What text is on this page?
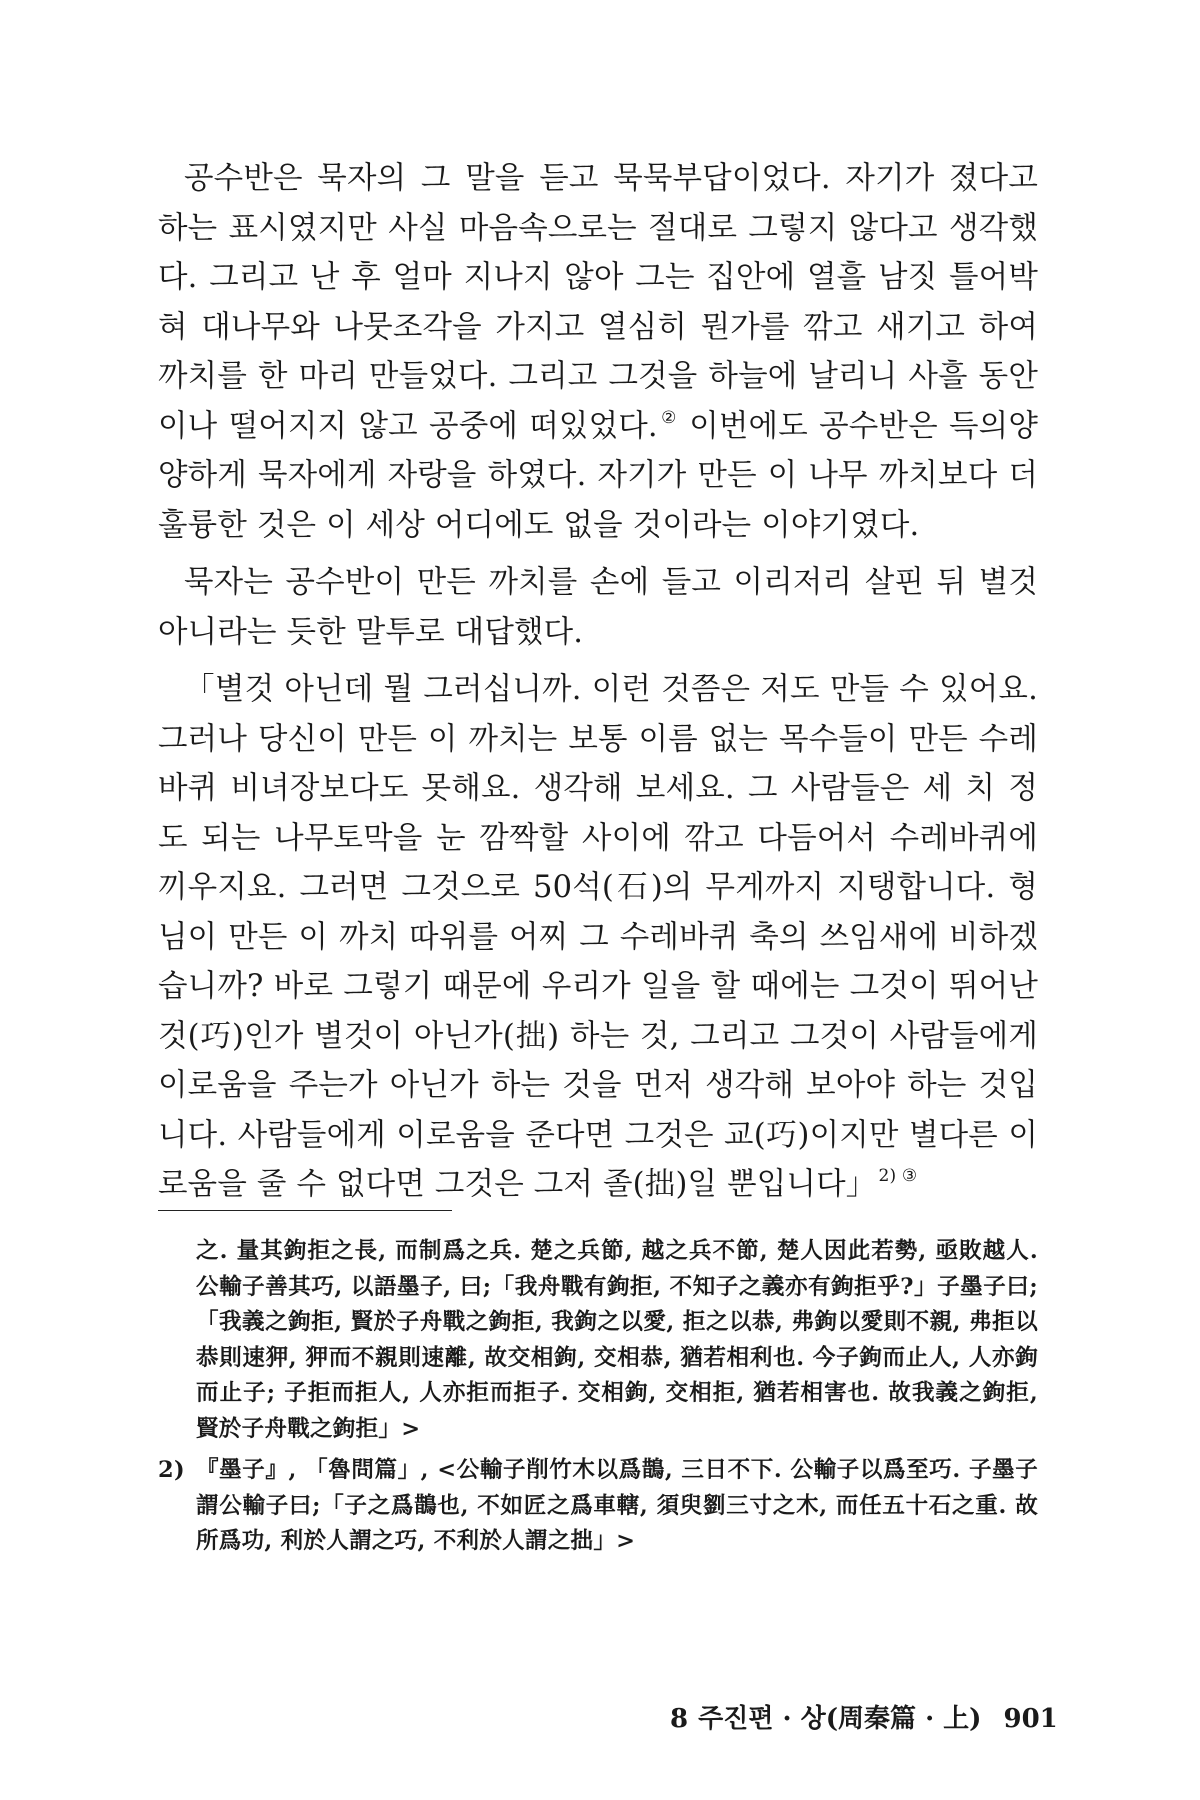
공수반은 묵자의 그 말을 듣고 묵묵부답이었다. 자기가 졌다고 하는 표시였지만 사실 마음속으로는 절대로 그렇지 않다고 생각했다. 그리고 난 후 얼마 지나지 않아 그는 집안에 열흘 남짓 틀어박혀 대나무와 나뭇조각을 가지고 열심히 뭔가를 깎고 새기고 하여 까치를 한 마리 만들었다. 그리고 그것을 하늘에 날리니 사흘 동안이나 떨어지지 않고 공중에 떠있었다. ② 이번에도 공수반은 득의양양하게 묵자에게 자랑을 하였다. 자기가 만든 이 나무 까치보다 더 훌륭한 것은 이 세상 어디에도 없을 것이라는 이야기였다.

묵자는 공수반이 만든 까치를 손에 들고 이리저리 살핀 뒤 별것 아니라는 듯한 말투로 대답했다.

「별것 아닌데 뭘 그러십니까. 이런 것쯤은 저도 만들 수 있어요. 그러나 당신이 만든 이 까치는 보통 이름 없는 목수들이 만든 수레바퀴 비녀장보다도 못해요. 생각해 보세요. 그 사람들은 세 치 정도 되는 나무토막을 눈 깜짝할 사이에 깎고 다듬어서 수레바퀴에 끼우지요. 그러면 그것으로 50석(石)의 무게까지 지탱합니다. 형님이 만든 이 까치 따위를 어찌 그 수레바퀴 축의 쓰임새에 비하겠습니까? 바로 그렇기 때문에 우리가 일을 할 때에는 그것이 뛰어난 것(巧)인가 별것이 아닌가(拙) 하는 것, 그리고 그것이 사람들에게 이로움을 주는가 아닌가 하는 것을 먼저 생각해 보아야 하는 것입니다. 사람들에게 이로움을 준다면 그것은 교(巧)이지만 별다른 이로움을 줄 수 없다면 그것은 그저 졸(拙)일 뿐입니다」 $^{2) ③}$

之. 量其鉤拒之長, 而制爲之兵. 楚之兵節, 越之兵不節, 楚人因此若勢, 亟敗越人. 公輸子善其巧, 以語墨子, 曰;「我舟戰有鉤拒, 不知子之義亦有鉤拒乎?」子墨子曰;「我義之鉤拒, 賢於子舟戰之鉤拒, 我鉤之以愛, 拒之以恭, 弗鉤以愛則不親, 弗拒以恭則速狎, 狎而不親則速離, 故交相鉤, 交相恭, 猶若相利也. 今子鉤而止人, 人亦鉤而止子; 子拒而拒人, 人亦拒而拒子. 交相鉤, 交相拒, 猶若相害也. 故我義之鉤拒, 賢於子舟戰之鉤拒」>

2) 『墨子』, 「魯問篇」, <公輸子削竹木以爲鵲, 三日不下. 公輸子以爲至巧. 子墨子謂公輸子曰;「子之爲鵲也, 不如匠之爲車轄, 須臾劉三寸之木, 而任五十石之重. 故所爲功, 利於人謂之巧, 不利於人謂之拙」>
8 주진편 · 상(周秦篇 · 上) 901
